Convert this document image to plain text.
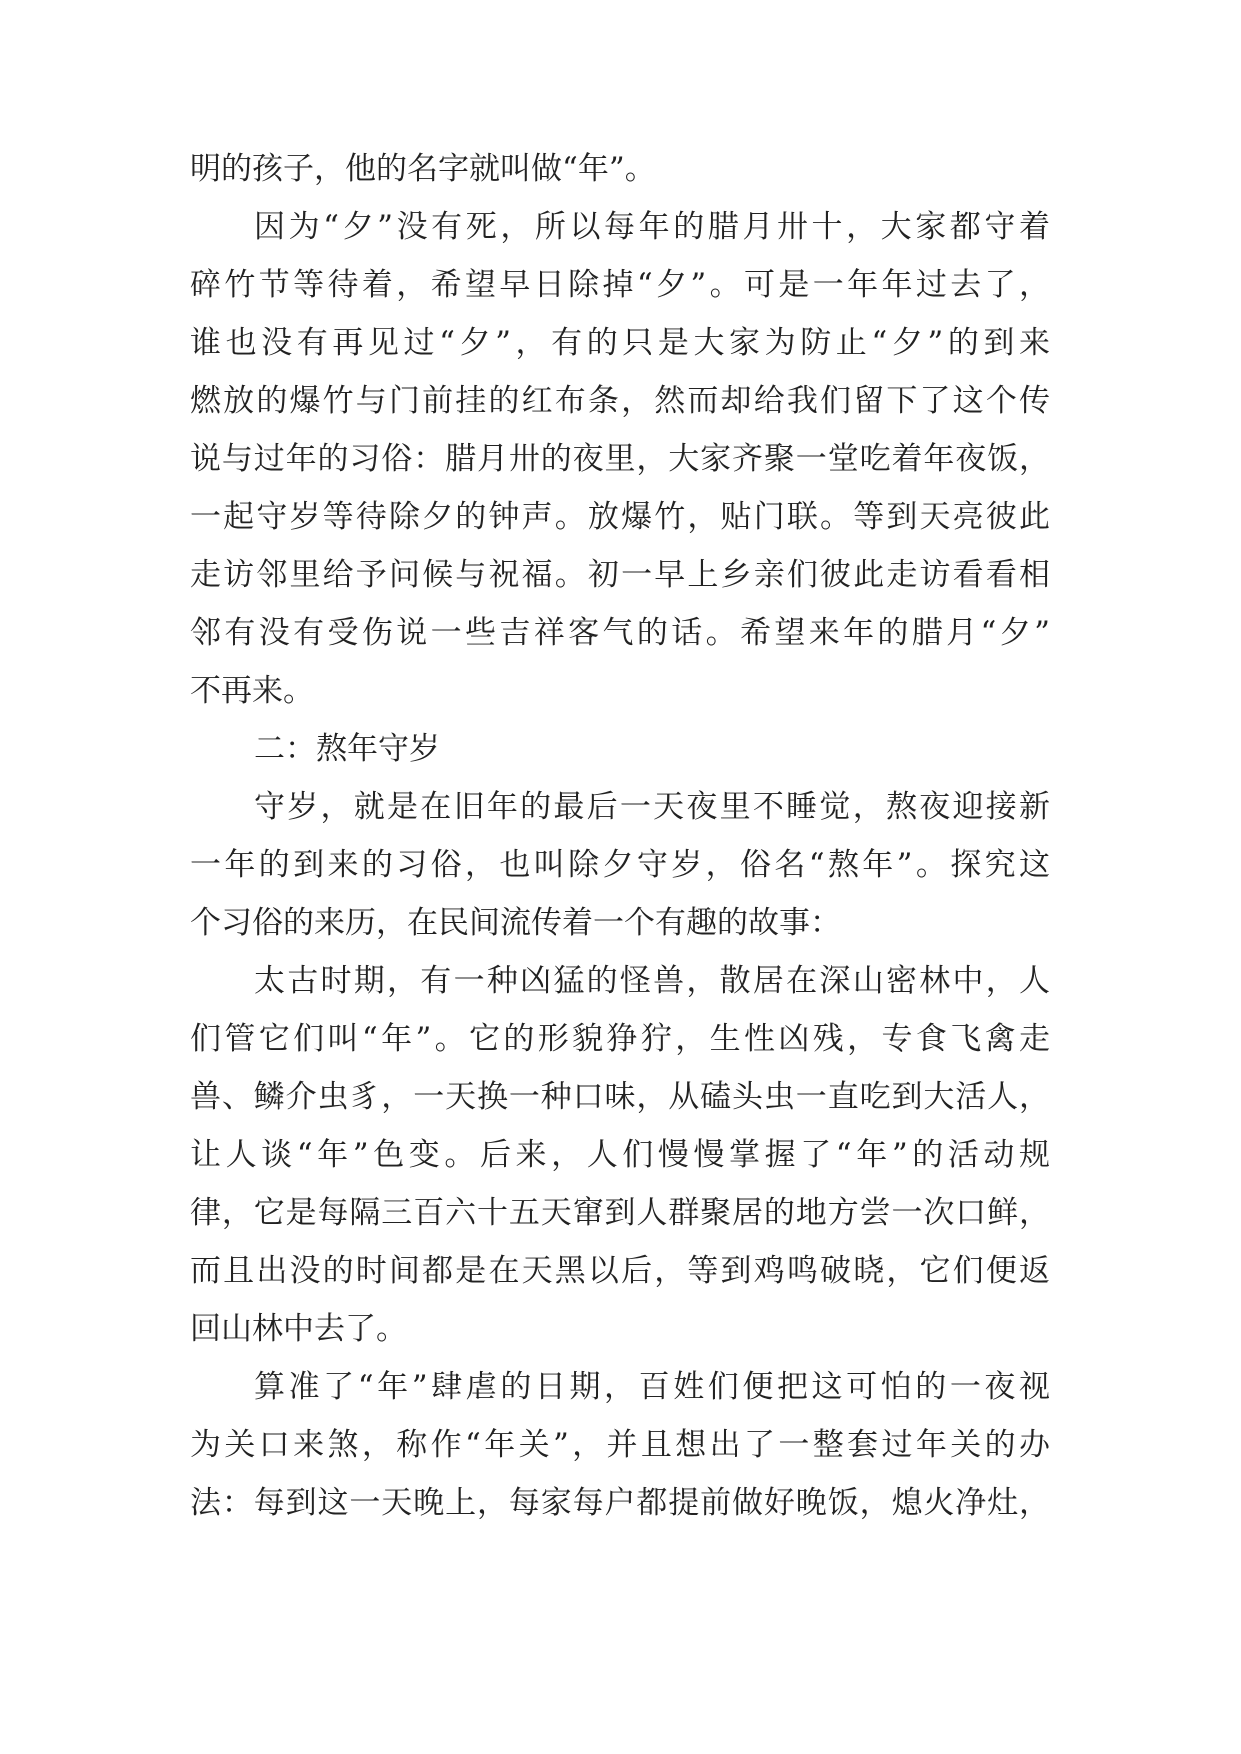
明的孩子，他的名字就叫做“年”。
因为“夕”没有死，所以每年的腊月卅十，大家都守着
碎竹节等待着，希望早日除掉“夕”。可是一年年过去了，
谁也没有再见过“夕”，有的只是大家为防止“夕”的到来
燃放的爆竹与门前挂的红布条，然而却给我们留下了这个传
说与过年的习俗：腊月卅的夜里，大家齐聚一堂吃着年夜饭，
一起守岁等待除夕的钟声。放爆竹，贴门联。等到天亮彼此
走访邻里给予问候与祝福。初一早上乡亲们彼此走访看看相
邻有没有受伤说一些吉祥客气的话。希望来年的腊月“夕”
不再来。
二：熬年守岁
守岁，就是在旧年的最后一天夜里不睡觉，熬夜迎接新
一年的到来的习俗，也叫除夕守岁，俗名“熬年”。探究这
个习俗的来历，在民间流传着一个有趣的故事：
太古时期，有一种凶猛的怪兽，散居在深山密林中，人
们管它们叫“年”。它的形貌狰狞，生性凶残，专食飞禽走
兽、鳞介虫豸，一天换一种口味，从磕头虫一直吃到大活人，
让人谈“年”色变。后来，人们慢慢掌握了“年”的活动规
律，它是每隔三百六十五天窜到人群聚居的地方尝一次口鲜，
而且出没的时间都是在天黑以后，等到鸡鸣破晓，它们便返
回山林中去了。
算准了“年”肆虐的日期，百姓们便把这可怕的一夜视
为关口来煞，称作“年关”，并且想出了一整套过年关的办
法：每到这一天晚上，每家每户都提前做好晚饭，熄火净灶，
